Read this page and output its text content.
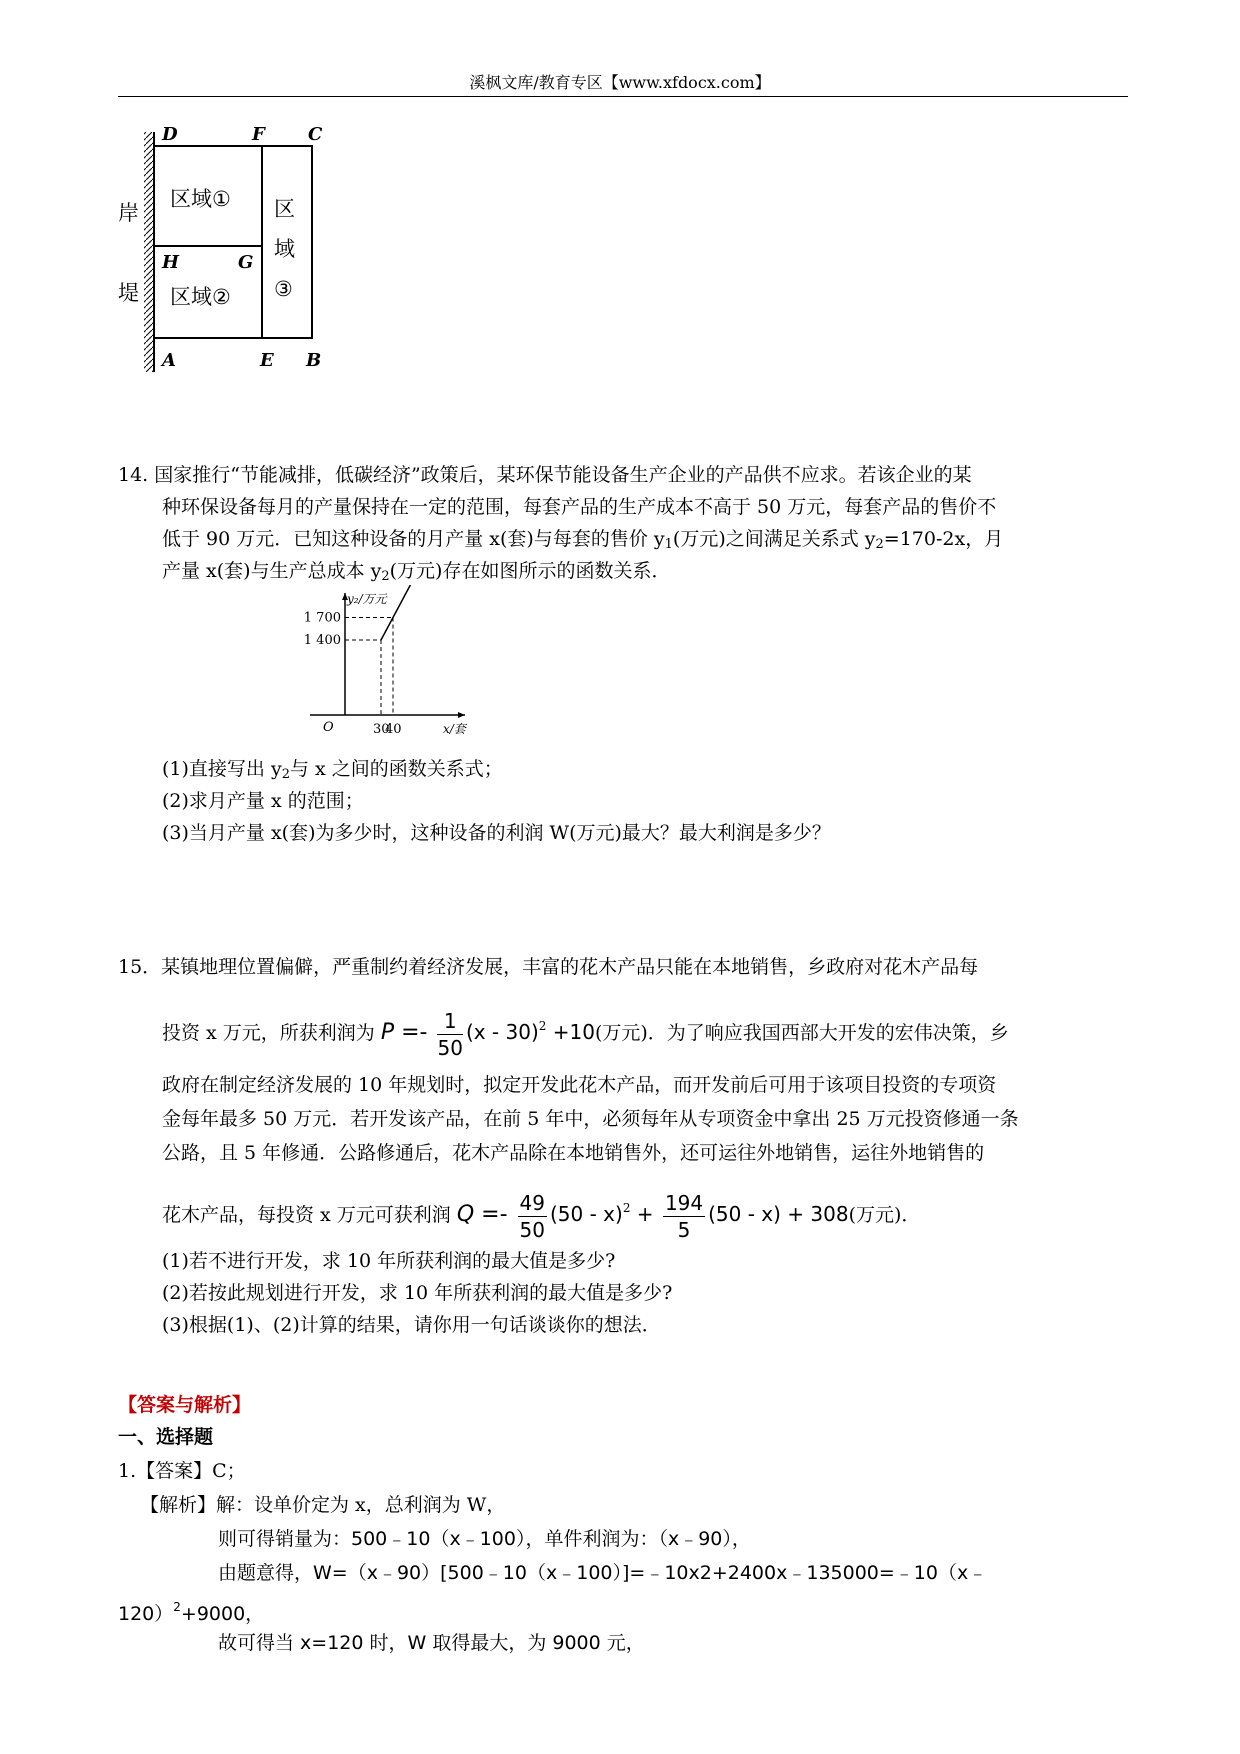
溪枫文库/教育专区【www.xfdocx.com】
D	F C
H	G
A	E B
岸
堤
区域①
区域②
区
域
③
14. 国家推行“节能减排，低碳经济”政策后，某环保节能设备生产企业的产品供不应求。若该企业的某
种环保设备每月的产量保持在一定的范围，每套产品的生产成本不高于 50 万元，每套产品的售价不
低于 90 万元．已知这种设备的月产量 x(套)与每套的售价 $y_1$(万元)之间满足关系式 $y_2=170-2x$，月
产量 x(套)与生产总成本 $y_2$(万元)存在如图所示的函数关系．
O
y₂/万元
x/套
30
40
1 700
1 400
(1)直接写出 $y_2$与 x 之间的函数关系式；
(2)求月产量 x 的范围；
(3)当月产量 x(套)为多少时，这种设备的利润 W(万元)最大？最大利润是多少？
15．某镇地理位置偏僻，严重制约着经济发展，丰富的花木产品只能在本地销售，乡政府对花木产品每
投资 x 万元，所获利润为 $P =- \frac{1}{50} (x - 30)^2 +10$(万元)．为了响应我国西部大开发的宏伟决策，乡
政府在制定经济发展的 10 年规划时，拟定开发此花木产品，而开发前后可用于该项目投资的专项资
金每年最多 50 万元．若开发该产品，在前 5 年中，必须每年从专项资金中拿出 25 万元投资修通一条
公路，且 5 年修通．公路修通后，花木产品除在本地销售外，还可运往外地销售，运往外地销售的
花木产品，每投资 x 万元可获利润 $Q =- \frac{49}{50} (50 - x)^2 + \frac{194}{5} (50 - x) + 308$(万元)．
(1)若不进行开发，求 10 年所获利润的最大值是多少?
(2)若按此规划进行开发，求 10 年所获利润的最大值是多少?
(3)根据(1)、(2)计算的结果，请你用一句话谈谈你的想法．
【答案与解析】
一、选择题
1.【答案】C；
【解析】解：设单价定为 x，总利润为 W，
则可得销量为：500﹣10（x﹣100），单件利润为：（x﹣90），
由题意得，W=（x﹣90）[500﹣10（x﹣100）]=﹣10x2+2400x﹣135000=﹣10（x﹣
120）$^2$+9000，
故可得当 x=120 时，W 取得最大，为 9000 元，
